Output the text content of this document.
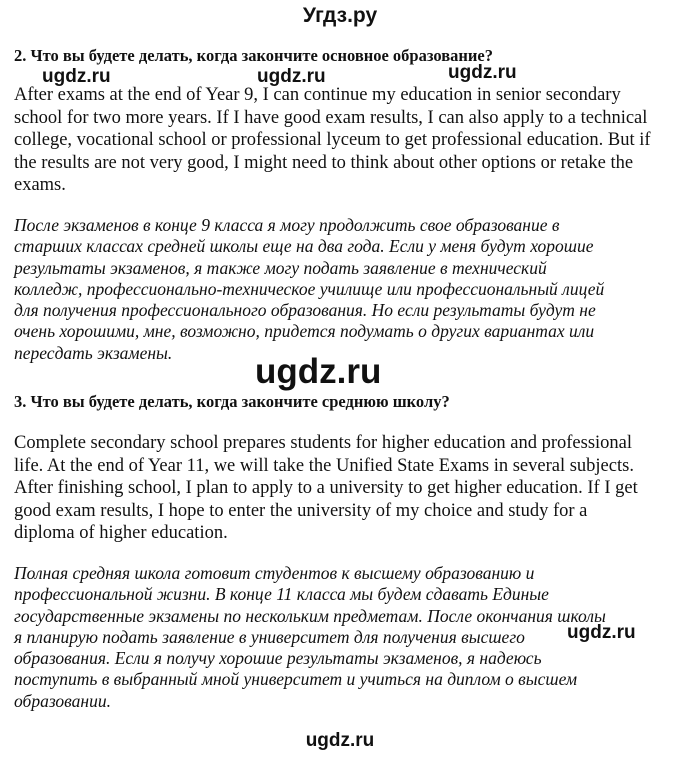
Угдз.ру
2. Что вы будете делать, когда закончите основное образование?
After exams at the end of Year 9, I can continue my education in senior secondary
school for two more years. If I have good exam results, I can also apply to a technical
college, vocational school or professional lyceum to get professional education. But if
the results are not very good, I might need to think about other options or retake the
exams.
После экзаменов в конце 9 класса я могу продолжить свое образование в
старших классах средней школы еще на два года. Если у меня будут хорошие
результаты экзаменов, я также могу подать заявление в технический
колледж, профессионально-техническое училище или профессиональный лицей
для получения профессионального образования. Но если результаты будут не
очень хорошими, мне, возможно, придется подумать о других вариантах или
пересдать экзамены.
3. Что вы будете делать, когда закончите среднюю школу?
Complete secondary school prepares students for higher education and professional
life. At the end of Year 11, we will take the Unified State Exams in several subjects.
After finishing school, I plan to apply to a university to get higher education. If I get
good exam results, I hope to enter the university of my choice and study for a
diploma of higher education.
Полная средняя школа готовит студентов к высшему образованию и
профессиональной жизни. В конце 11 класса мы будем сдавать Единые
государственные экзамены по нескольким предметам. После окончания школы
я планирую подать заявление в университет для получения высшего
образования. Если я получу хорошие результаты экзаменов, я надеюсь
поступить в выбранный мной университет и учиться на диплом о высшем
образовании.
ugdz.ru	ugdz.ru	ugdz.ru
ugdz.ru
ugdz.ru
ugdz.ru
